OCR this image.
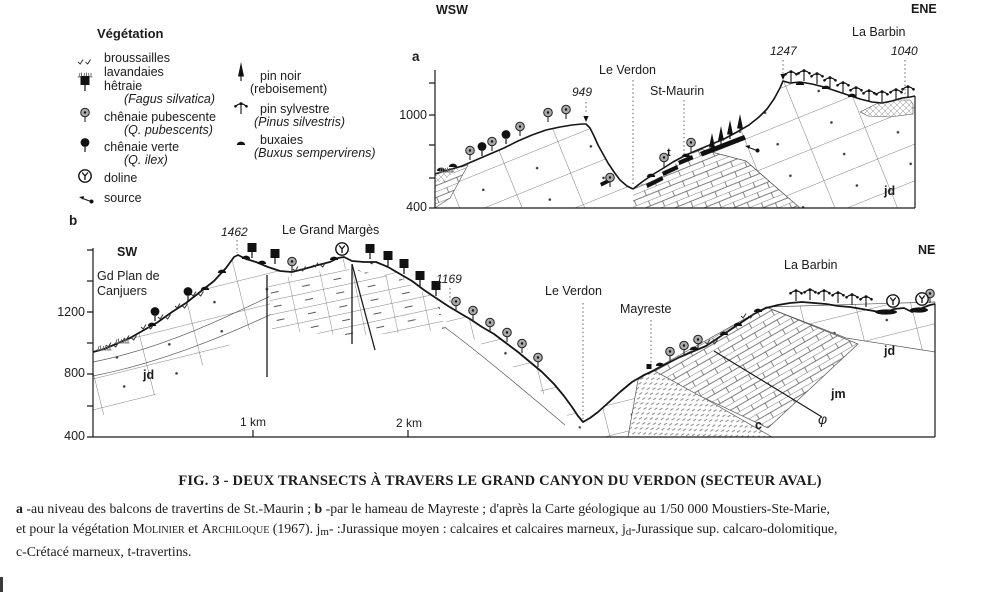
Végétation
broussailles
lavandaies
hêtraie
(Fagus silvatica)
chênaie pubescente
(Q. pubescents)
chênaie verte
(Q. ilex)
doline
source
pin noir
(reboisement)
pin sylvestre
(Pinus silvestris)
buxaies
(Buxus sempervirens)
WSW	ENE
a
La Barbin
1247	1040
Le Verdon
St-Maurin
949
1000
400
t
jd
b
SW	NE
Gd Plan de
Canjuers
1462	Le Grand Margès
1169
Le Verdon
Mayreste
La Barbin
1200
800
400
1 km	2 km
jd
jd
jm
c	φ
FIG. 3 - DEUX TRANSECTS À TRAVERS LE GRAND CANYON DU VERDON (SECTEUR AVAL)
a -au niveau des balcons de travertins de St.-Maurin ; b -par le hameau de Mayreste ; d'après la Carte géologique au 1/50 000 Moustiers-Ste-Marie,
et pour la végétation Molinier et Archiloque (1967). jm- :Jurassique moyen : calcaires et calcaires marneux, jd-Jurassique sup. calcaro-dolomitique,
c-Crétacé marneux, t-travertins.
